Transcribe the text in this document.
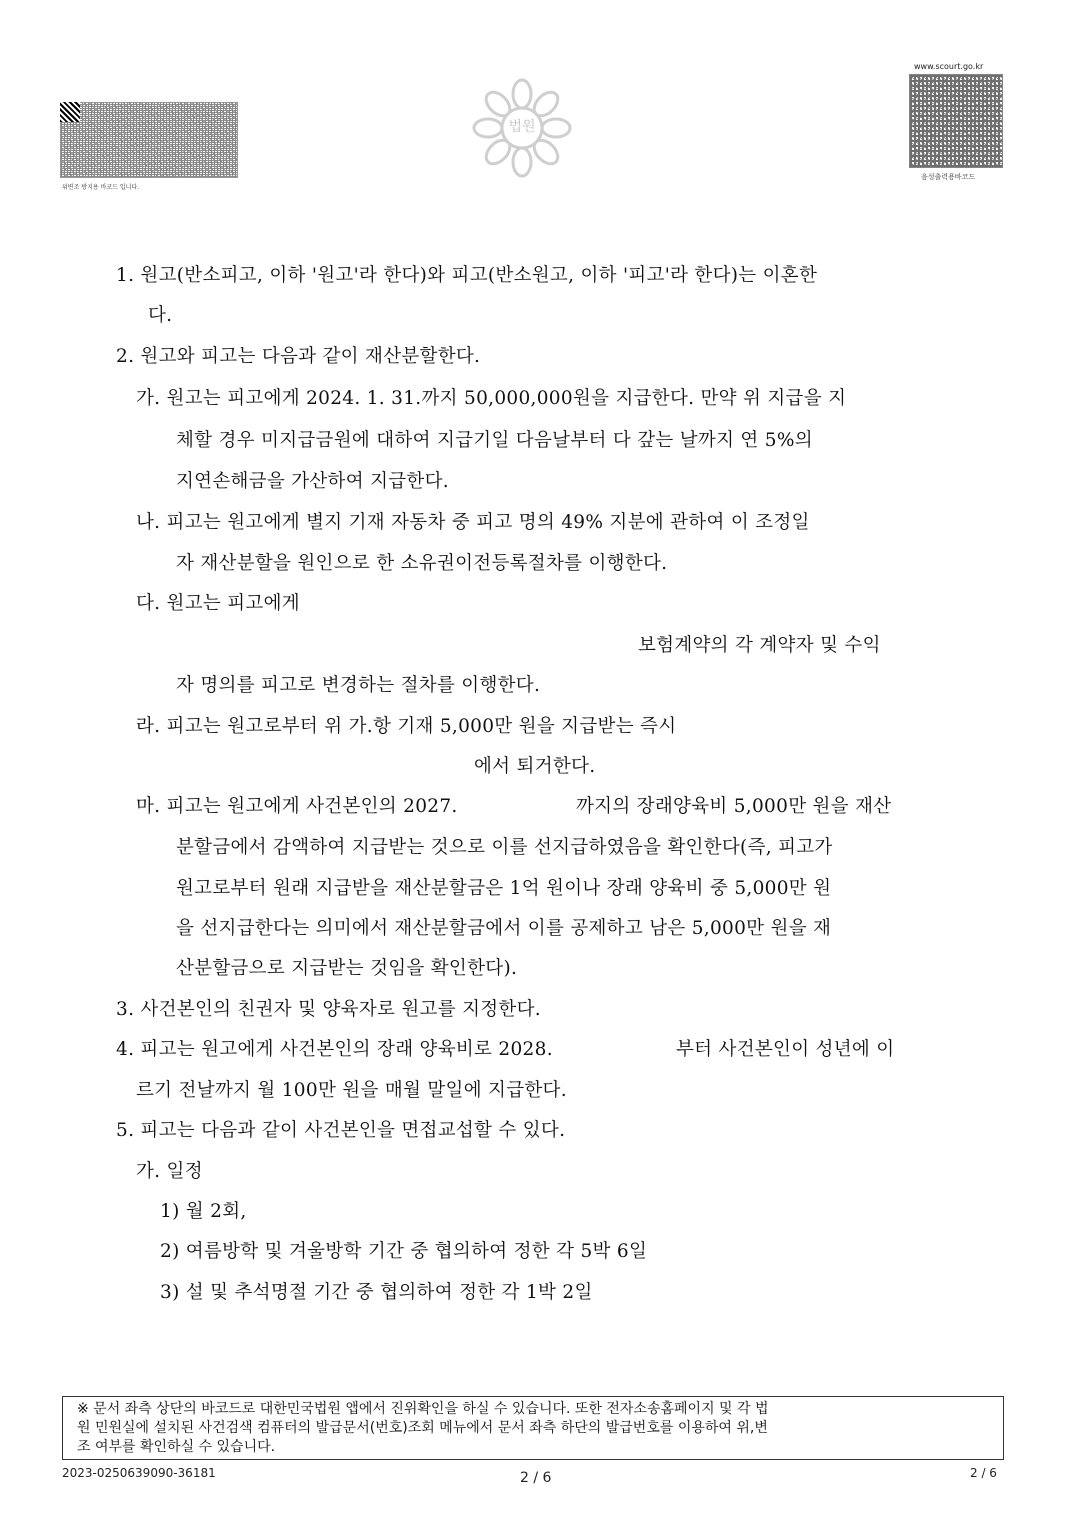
위변조 방지용 바코드 입니다.
법원
www.scourt.go.kr
음성출력용바코드
1. 원고(반소피고, 이하 '원고'라 한다)와 피고(반소원고, 이하 '피고'라 한다)는 이혼한
다.
2. 원고와 피고는 다음과 같이 재산분할한다.
가. 원고는 피고에게 2024. 1. 31.까지 50,000,000원을 지급한다. 만약 위 지급을 지
체할 경우 미지급금원에 대하여 지급기일 다음날부터 다 갚는 날까지 연 5%의
지연손해금을 가산하여 지급한다.
나. 피고는 원고에게 별지 기재 자동차 중 피고 명의 49% 지분에 관하여 이 조정일
자 재산분할을 원인으로 한 소유권이전등록절차를 이행한다.
다. 원고는 피고에게
보험계약의 각 계약자 및 수익
자 명의를 피고로 변경하는 절차를 이행한다.
라. 피고는 원고로부터 위 가.항 기재 5,000만 원을 지급받는 즉시
에서 퇴거한다.
마. 피고는 원고에게 사건본인의 2027.	까지의 장래양육비 5,000만 원을 재산
분할금에서 감액하여 지급받는 것으로 이를 선지급하였음을 확인한다(즉, 피고가
원고로부터 원래 지급받을 재산분할금은 1억 원이나 장래 양육비 중 5,000만 원
을 선지급한다는 의미에서 재산분할금에서 이를 공제하고 남은 5,000만 원을 재
산분할금으로 지급받는 것임을 확인한다).
3. 사건본인의 친권자 및 양육자로 원고를 지정한다.
4. 피고는 원고에게 사건본인의 장래 양육비로 2028.	부터 사건본인이 성년에 이
르기 전날까지 월 100만 원을 매월 말일에 지급한다.
5. 피고는 다음과 같이 사건본인을 면접교섭할 수 있다.
가. 일정
1) 월 2회,
2) 여름방학 및 겨울방학 기간 중 협의하여 정한 각 5박 6일
3) 설 및 추석명절 기간 중 협의하여 정한 각 1박 2일
※ 문서 좌측 상단의 바코드로 대한민국법원 앱에서 진위확인을 하실 수 있습니다. 또한 전자소송홈페이지 및 각 법
원 민원실에 설치된 사건검색 컴퓨터의 발급문서(번호)조회 메뉴에서 문서 좌측 하단의 발급번호를 이용하여 위,변
조 여부를 확인하실 수 있습니다.
2023-0250639090-36181	2 / 6	2 / 6
